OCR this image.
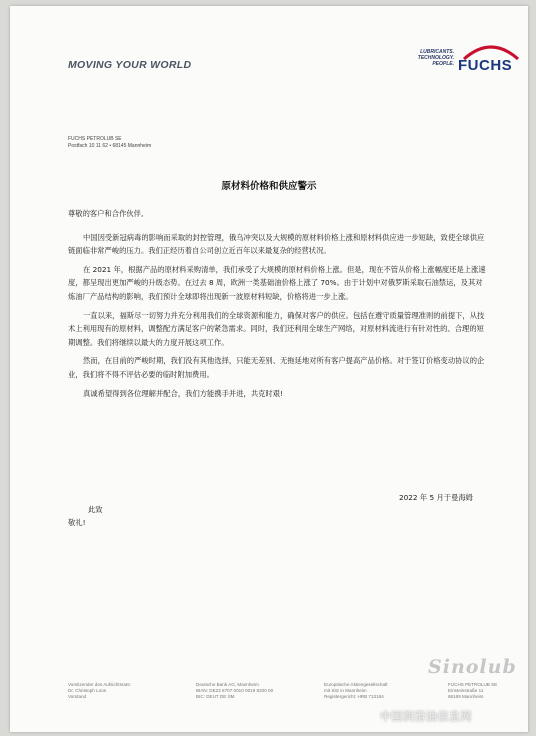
MOVING YOUR WORLD
LUBRICANTS.
TECHNOLOGY.
PEOPLE. FUCHS
FUCHS PETROLUB SE
Postfach 10 11 62 • 68145 Mannheim
原材料价格和供应警示

尊敬的客户和合作伙伴,

中国因受新冠病毒的影响而采取的封控管理，俄乌冲突以及大规模的原材料价格上涨和原材料供应进一步短缺，致使全球供应链面临非常严峻的压力。我们正经历着自公司创立近百年以来最复杂的经营状况。

在 2021 年，根据产品的原材料采购清单，我们承受了大规模的原材料价格上涨。但是，现在不管从价格上涨幅度还是上涨速度，都呈现出更加严峻的升级态势。在过去 8 周，欧洲一类基础油价格上涨了 70%。由于计划中对俄罗斯采取石油禁运，及其对炼油厂产品结构的影响，我们预计全球即将出现新一波原材料短缺，价格将进一步上涨。

一直以来，福斯尽一切努力并充分利用我们的全球资源和能力，确保对客户的供应。包括在遵守质量管理准则的前提下，从技术上利用现有的原材料，调整配方满足客户的紧急需求。同时，我们还利用全球生产网络，对原材料流进行有针对性的、合理的短期调整。我们将继续以最大的力度开展这项工作。

然而，在目前的严峻时期，我们没有其他选择，只能无差别、无拖延地对所有客户提高产品价格。对于签订价格变动协议的企业，我们将不得不评估必要的临时附加费用。

真诚希望得到各位理解并配合，我们方能携手并进，共克时艰!

此致
敬礼!
2022 年 5 月于曼海姆
Vorsitzender des Aufsichtsrats:
Dr. Christoph Loos
Vorstand
Deutsche Bank AG, Mannheim
IBAN: DE22 6707 0010 0019 8200 00
BIC: DEUT DE SM
Europäische Aktiengesellschaft
mit Sitz in Mannheim
Registergericht: HRB 713184
FUCHS PETROLUB SE
Einsteinstraße 11
68169 Mannheim
Sinolub
中国润滑油信息网
